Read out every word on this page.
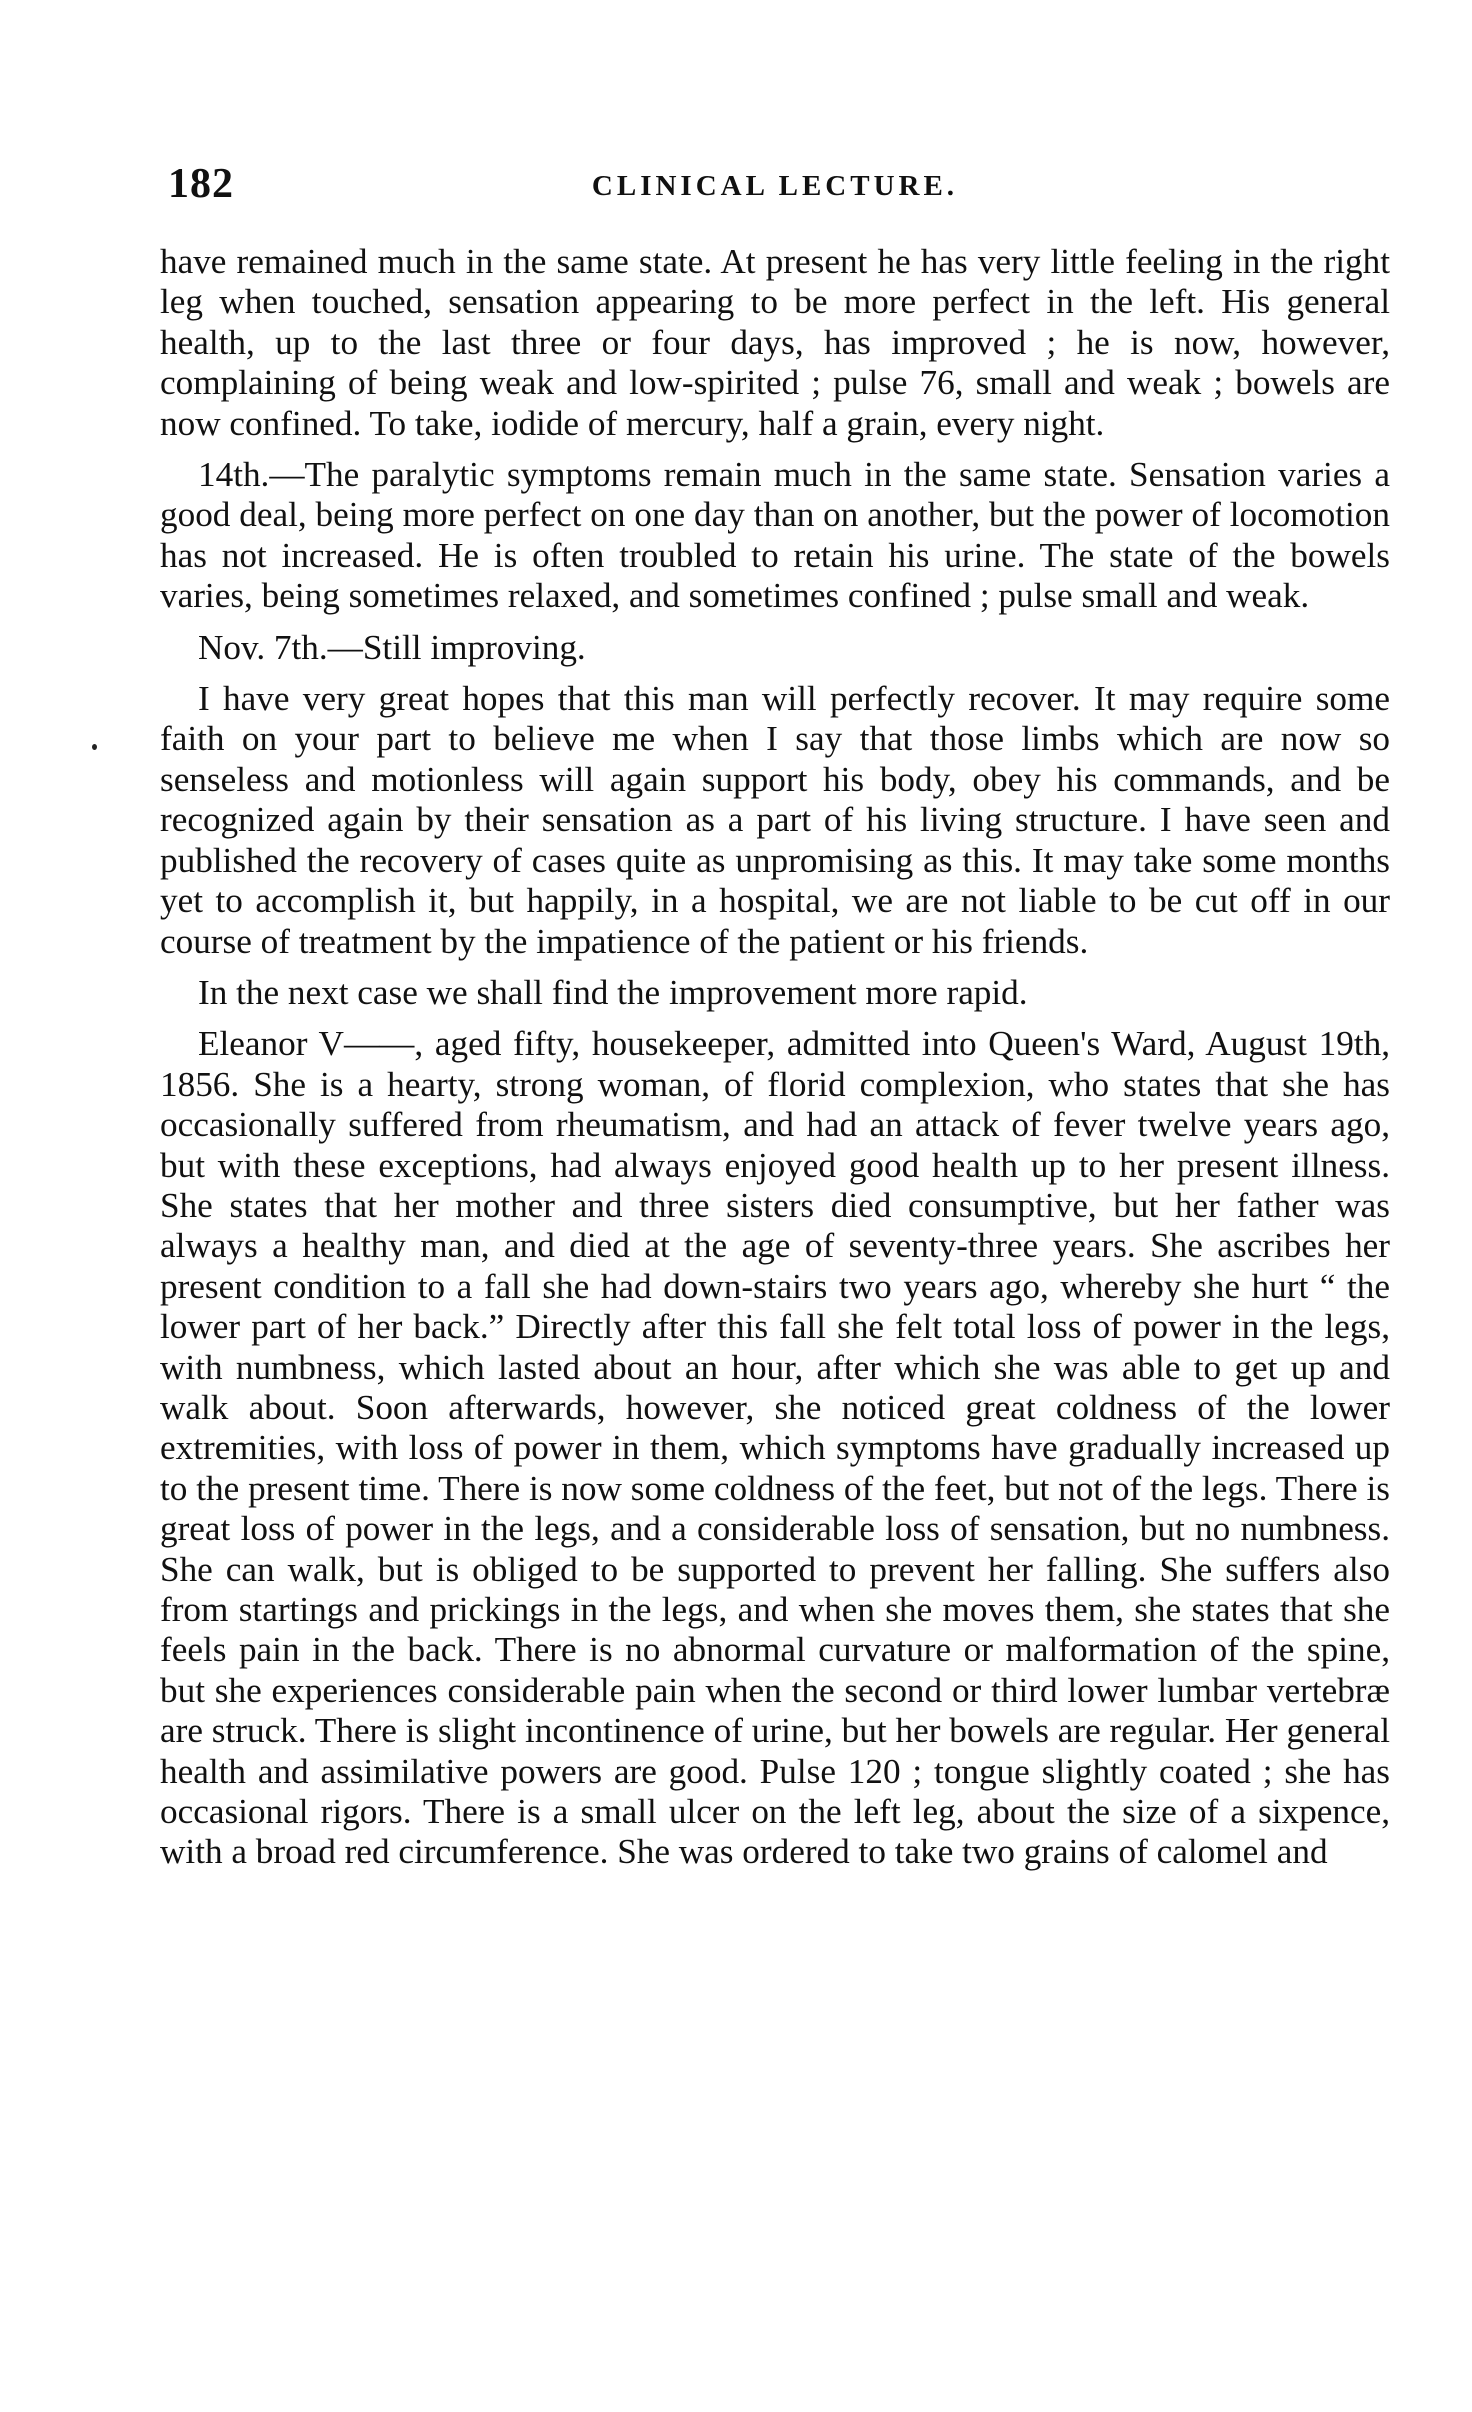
182	CLINICAL LECTURE.

have remained much in the same state. At present he has very little feeling in the right leg when touched, sensation appearing to be more perfect in the left. His general health, up to the last three or four days, has improved ; he is now, however, complaining of being weak and low-spirited ; pulse 76, small and weak ; bowels are now confined. To take, iodide of mercury, half a grain, every night.

14th.—The paralytic symptoms remain much in the same state. Sensation varies a good deal, being more perfect on one day than on another, but the power of locomotion has not increased. He is often troubled to retain his urine. The state of the bowels varies, being sometimes relaxed, and sometimes confined ; pulse small and weak.

Nov. 7th.—Still improving.

I have very great hopes that this man will perfectly recover. It may require some faith on your part to believe me when I say that those limbs which are now so senseless and motionless will again support his body, obey his commands, and be recognized again by their sensation as a part of his living structure. I have seen and published the recovery of cases quite as unpromising as this. It may take some months yet to accomplish it, but happily, in a hospital, we are not liable to be cut off in our course of treatment by the impatience of the patient or his friends.

In the next case we shall find the improvement more rapid.

Eleanor V——, aged fifty, housekeeper, admitted into Queen's Ward, August 19th, 1856. She is a hearty, strong woman, of florid complexion, who states that she has occasionally suffered from rheumatism, and had an attack of fever twelve years ago, but with these exceptions, had always enjoyed good health up to her present illness. She states that her mother and three sisters died consumptive, but her father was always a healthy man, and died at the age of seventy-three years. She ascribes her present condition to a fall she had down-stairs two years ago, whereby she hurt “ the lower part of her back.” Directly after this fall she felt total loss of power in the legs, with numbness, which lasted about an hour, after which she was able to get up and walk about. Soon afterwards, however, she noticed great coldness of the lower extremities, with loss of power in them, which symptoms have gradually increased up to the present time. There is now some coldness of the feet, but not of the legs. There is great loss of power in the legs, and a considerable loss of sensation, but no numbness. She can walk, but is obliged to be supported to prevent her falling. She suffers also from startings and prickings in the legs, and when she moves them, she states that she feels pain in the back. There is no abnormal curvature or malformation of the spine, but she experiences considerable pain when the second or third lower lumbar vertebræ are struck. There is slight incontinence of urine, but her bowels are regular. Her general health and assimilative powers are good. Pulse 120 ; tongue slightly coated ; she has occasional rigors. There is a small ulcer on the left leg, about the size of a sixpence, with a broad red circumference. She was ordered to take two grains of calomel and
